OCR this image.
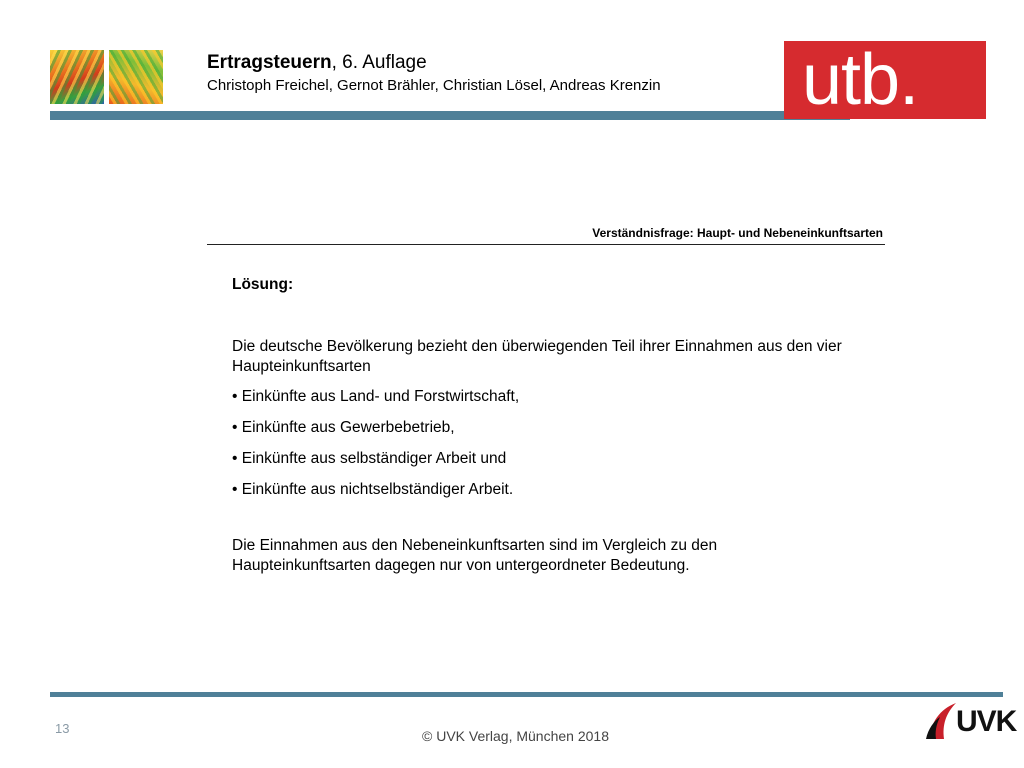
Ertragsteuern, 6. Auflage
Christoph Freichel, Gernot Brähler, Christian Lösel, Andreas Krenzin utb.
Verständnisfrage: Haupt- und Nebeneinkunftsarten

Lösung:

Die deutsche Bevölkerung bezieht den überwiegenden Teil ihrer Einnahmen aus den vier Haupteinkunftsarten

• Einkünfte aus Land- und Forstwirtschaft,
• Einkünfte aus Gewerbebetrieb,
• Einkünfte aus selbständiger Arbeit und
• Einkünfte aus nichtselbständiger Arbeit.

Die Einnahmen aus den Nebeneinkunftsarten sind im Vergleich zu den Haupteinkunftsarten dagegen nur von untergeordneter Bedeutung.

13	© UVK Verlag, München 2018	UVK
